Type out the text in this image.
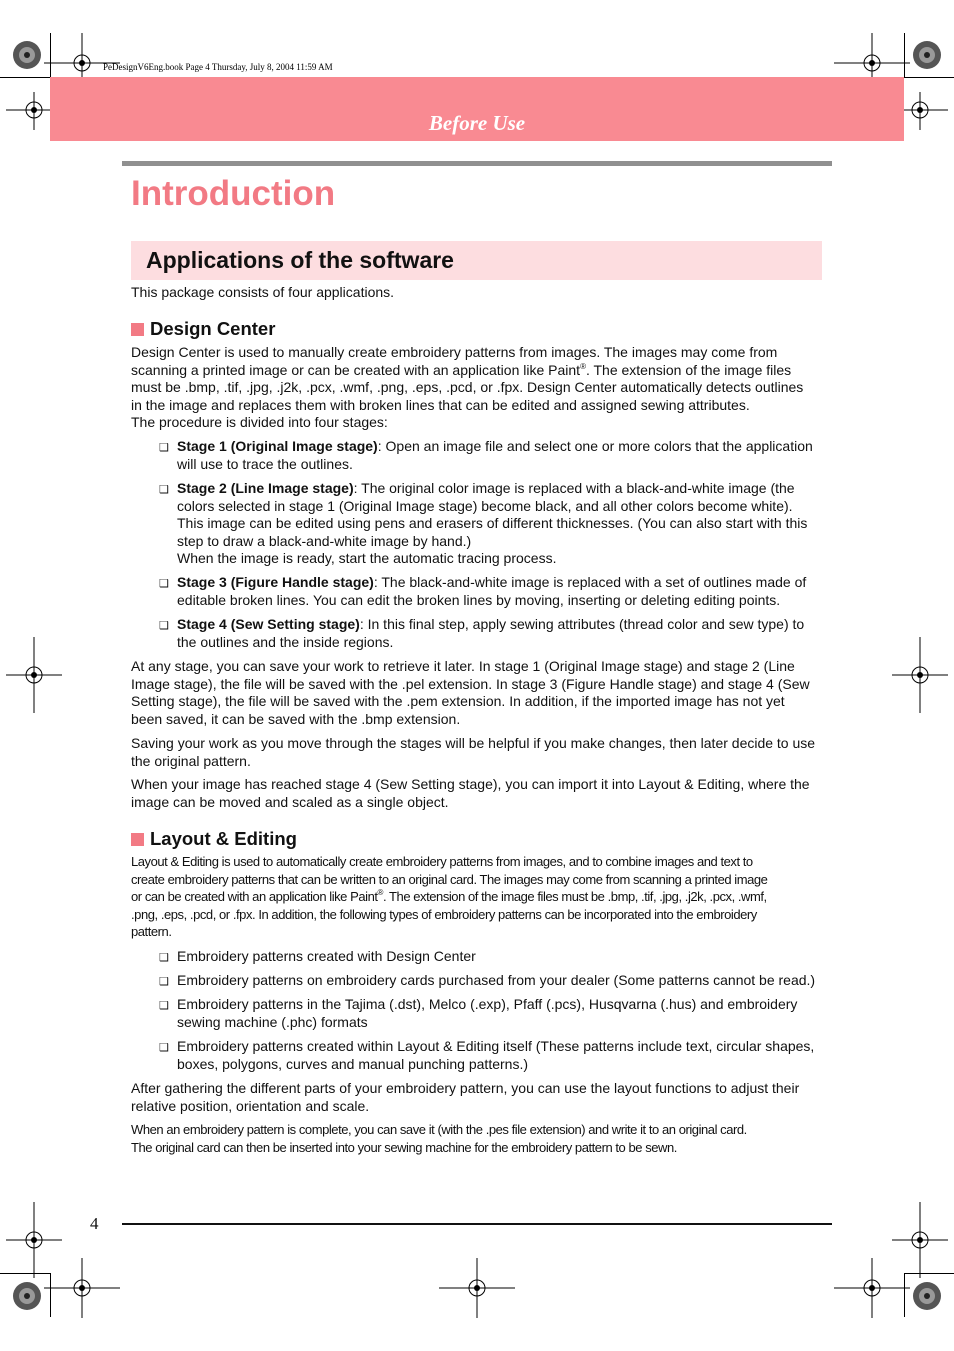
PeDesignV6Eng.book Page 4 Thursday, July 8, 2004 11:59 AM
Before Use
Introduction
Applications of the software
This package consists of four applications.
Design Center
Design Center is used to manually create embroidery patterns from images. The images may come from
scanning a printed image or can be created with an application like Paint®. The extension of the image files
must be .bmp, .tif, .jpg, .j2k, .pcx, .wmf, .png, .eps, .pcd, or .fpx. Design Center automatically detects outlines
in the image and replaces them with broken lines that can be edited and assigned sewing attributes.
The procedure is divided into four stages:
❑ Stage 1 (Original Image stage): Open an image file and select one or more colors that the application
will use to trace the outlines.
❑ Stage 2 (Line Image stage): The original color image is replaced with a black-and-white image (the
colors selected in stage 1 (Original Image stage) become black, and all other colors become white).
This image can be edited using pens and erasers of different thicknesses. (You can also start with this
step to draw a black-and-white image by hand.)
When the image is ready, start the automatic tracing process.
❑ Stage 3 (Figure Handle stage): The black-and-white image is replaced with a set of outlines made of
editable broken lines. You can edit the broken lines by moving, inserting or deleting editing points.
❑ Stage 4 (Sew Setting stage): In this final step, apply sewing attributes (thread color and sew type) to
the outlines and the inside regions.
At any stage, you can save your work to retrieve it later. In stage 1 (Original Image stage) and stage 2 (Line
Image stage), the file will be saved with the .pel extension. In stage 3 (Figure Handle stage) and stage 4 (Sew
Setting stage), the file will be saved with the .pem extension. In addition, if the imported image has not yet
been saved, it can be saved with the .bmp extension.
Saving your work as you move through the stages will be helpful if you make changes, then later decide to use
the original pattern.
When your image has reached stage 4 (Sew Setting stage), you can import it into Layout & Editing, where the
image can be moved and scaled as a single object.
Layout & Editing
Layout & Editing is used to automatically create embroidery patterns from images, and to combine images and text to
create embroidery patterns that can be written to an original card. The images may come from scanning a printed image
or can be created with an application like Paint®. The extension of the image files must be .bmp, .tif, .jpg, .j2k, .pcx, .wmf,
.png, .eps, .pcd, or .fpx. In addition, the following types of embroidery patterns can be incorporated into the embroidery
pattern.
❑ Embroidery patterns created with Design Center
❑ Embroidery patterns on embroidery cards purchased from your dealer (Some patterns cannot be read.)
❑ Embroidery patterns in the Tajima (.dst), Melco (.exp), Pfaff (.pcs), Husqvarna (.hus) and embroidery
sewing machine (.phc) formats
❑ Embroidery patterns created within Layout & Editing itself (These patterns include text, circular shapes,
boxes, polygons, curves and manual punching patterns.)
After gathering the different parts of your embroidery pattern, you can use the layout functions to adjust their
relative position, orientation and scale.
When an embroidery pattern is complete, you can save it (with the .pes file extension) and write it to an original card.
The original card can then be inserted into your sewing machine for the embroidery pattern to be sewn.
4
